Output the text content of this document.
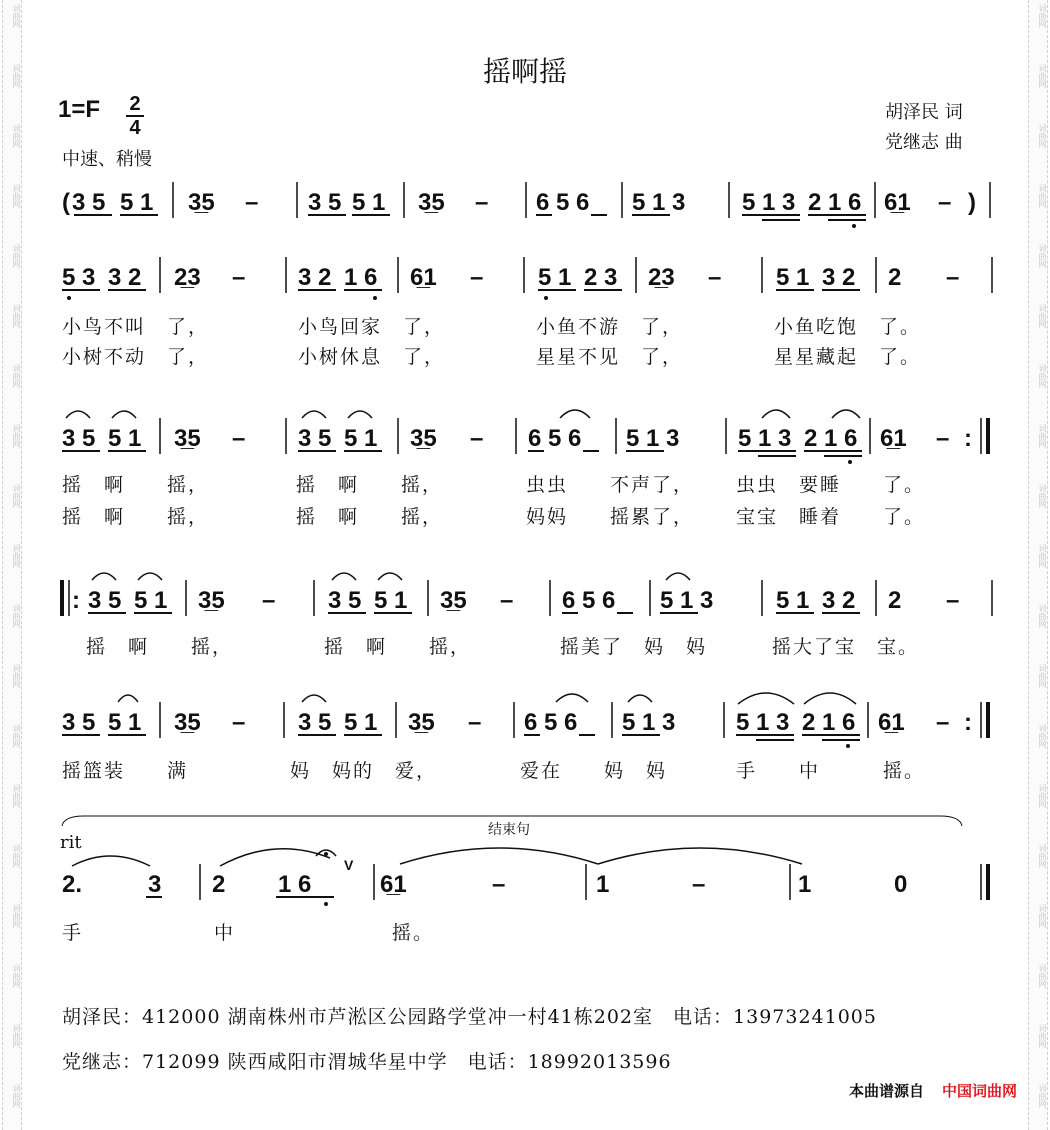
词曲网
词曲网
词曲网
词曲网
词曲网
词曲网
词曲网
词曲网
词曲网
词曲网
词曲网
词曲网
词曲网
词曲网
词曲网
词曲网
词曲网
词曲网
词曲网
词曲网
词曲网
词曲网
词曲网
词曲网
词曲网
词曲网
词曲网
词曲网
词曲网
词曲网
词曲网
词曲网
词曲网
词曲网
词曲网
词曲网
词曲网
词曲网
摇啊摇
1=F 2
4
中速、稍慢
胡泽民 词
党继志 曲
( 3 5 5 1 3̲5 – 3 5 5 1 3̲5 – 6 5 6 5 1 3 5 1 3 2 1 6 6̲1 – )
5 3 3 2 2̲3 – 3 2 1 6 6̲1 – 5 1 2 3 2̲3 – 5 1 3 2 2 –
小鸟不叫　了，	小鸟回家　了，	小鱼不游　了，	小鱼吃饱　了。
小树不动　了，	小树休息　了，	星星不见　了，	星星藏起　了。
3 5 5 1 3̲5 – 3 5 5 1 3̲5 – 6 5 6 5 1 3 5 1 3 2 1 6 6̲1 – :
摇　啊　　摇，	摇　啊　　摇，	虫虫　　不声了， 虫虫　要睡　　了。
摇　啊　　摇，	摇　啊　　摇，	妈妈　　摇累了， 宝宝　睡着　　了。
: 3 5 5 1 3̲5 – 3 5 5 1 3̲5 – 6 5 6 5 1 3	5 1 3 2 2 –
摇　啊　　摇，	摇　啊　　摇，	摇美了　妈　妈	摇大了宝　宝。
3 5 5 1 3̲5 – 3 5 5 1 3̲5 – 6 5 6 5 1 3	5 1 3 2 1 6 6̲1 – :
摇篮装　　满	妈　妈的　爱，	爱在　　妈　妈	手　　中　　　摇。
结束句
rit
V
2.	3 2 1 6	6̲1	–	1	–	1	0
手	中	摇。
胡泽民：412000 湖南株州市芦淞区公园路学堂冲一村41栋202室　电话：13973241005
党继志：712099 陕西咸阳市渭城华星中学　电话：18992013596
本曲谱源自 中国词曲网
